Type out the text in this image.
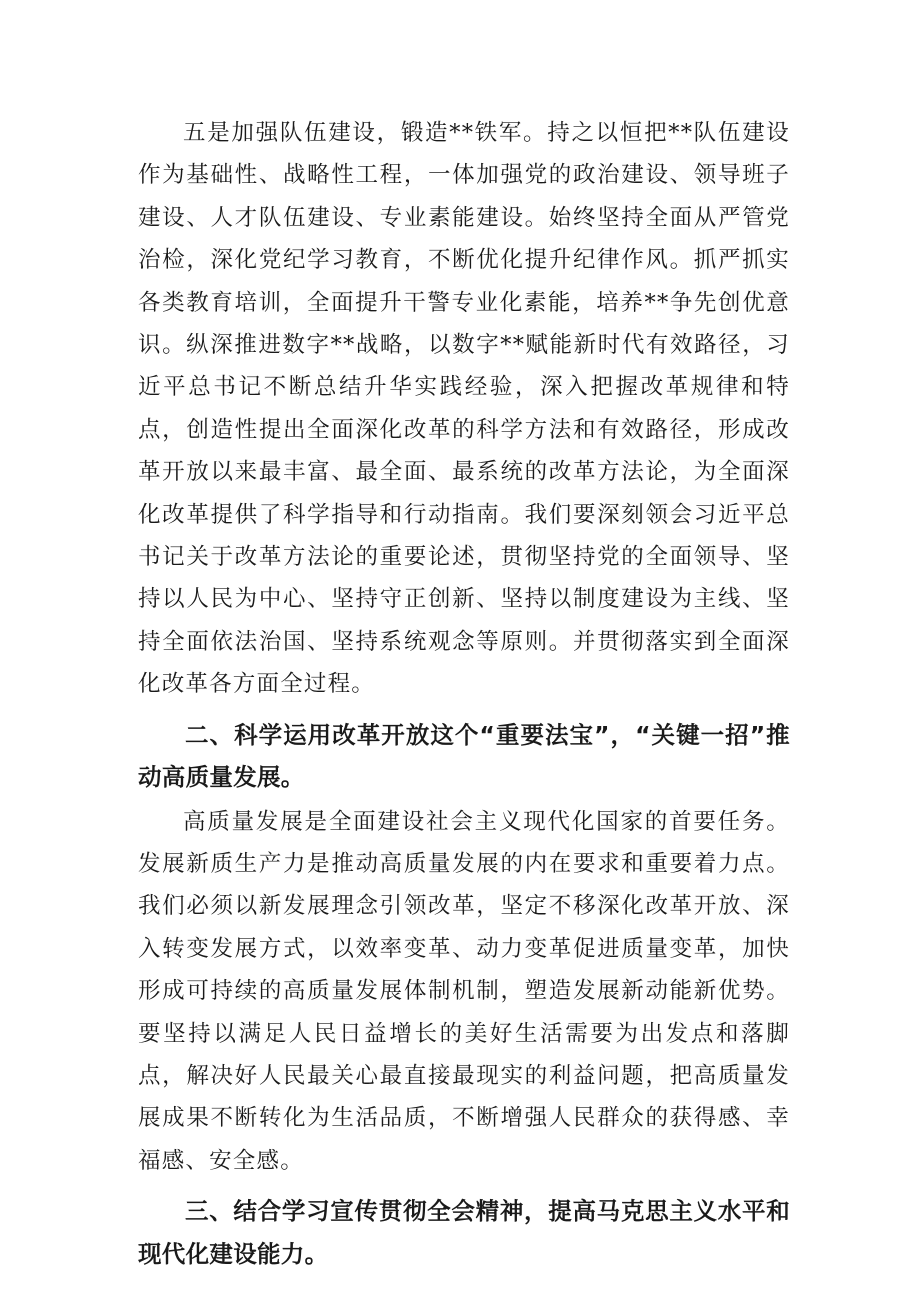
五是加强队伍建设，锻造**铁军。持之以恒把**队伍建设作为基础性、战略性工程，一体加强党的政治建设、领导班子建设、人才队伍建设、专业素能建设。始终坚持全面从严管党治检，深化党纪学习教育，不断优化提升纪律作风。抓严抓实各类教育培训，全面提升干警专业化素能，培养**争先创优意识。纵深推进数字**战略，以数字**赋能新时代有效路径，习近平总书记不断总结升华实践经验，深入把握改革规律和特点，创造性提出全面深化改革的科学方法和有效路径，形成改革开放以来最丰富、最全面、最系统的改革方法论，为全面深化改革提供了科学指导和行动指南。我们要深刻领会习近平总书记关于改革方法论的重要论述，贯彻坚持党的全面领导、坚持以人民为中心、坚持守正创新、坚持以制度建设为主线、坚持全面依法治国、坚持系统观念等原则。并贯彻落实到全面深化改革各方面全过程。

二、科学运用改革开放这个“重要法宝”，“关键一招”推动高质量发展。

高质量发展是全面建设社会主义现代化国家的首要任务。发展新质生产力是推动高质量发展的内在要求和重要着力点。我们必须以新发展理念引领改革，坚定不移深化改革开放、深入转变发展方式，以效率变革、动力变革促进质量变革，加快形成可持续的高质量发展体制机制，塑造发展新动能新优势。要坚持以满足人民日益增长的美好生活需要为出发点和落脚点，解决好人民最关心最直接最现实的利益问题，把高质量发展成果不断转化为生活品质，不断增强人民群众的获得感、幸福感、安全感。

三、结合学习宣传贯彻全会精神，提高马克思主义水平和现代化建设能力。
